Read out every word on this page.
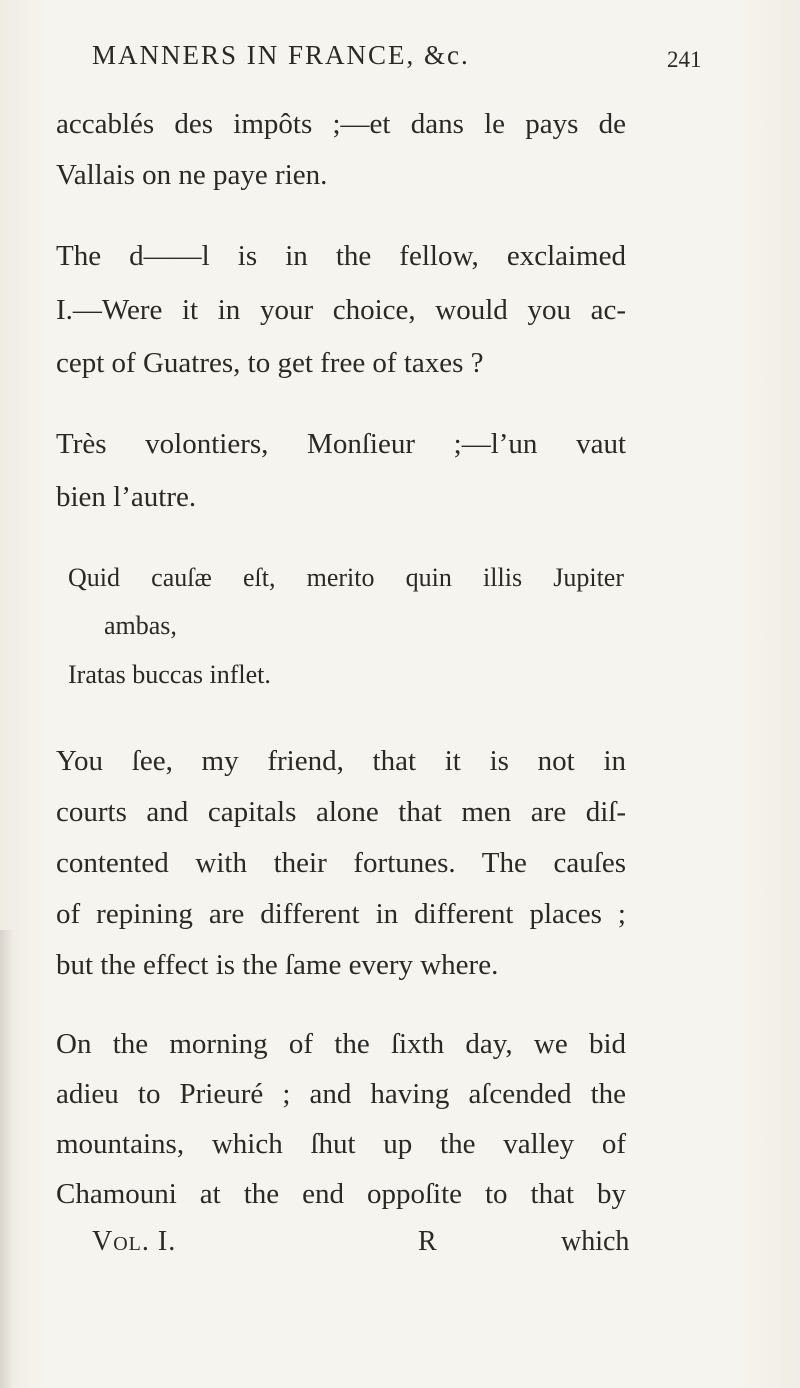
MANNERS IN FRANCE, &c.	241
accablés des impôts ;—et dans le pays de
Vallais on ne paye rien.
The d——l is in the fellow, exclaimed
I.—Were it in your choice, would you ac-
cept of Guatres, to get free of taxes ?
Très volontiers, Monſieur ;—l’un vaut
bien l’autre.
Quid cauſæ eſt, merito quin illis Jupiter
ambas,
Iratas buccas inflet.
You ſee, my friend, that it is not in
courts and capitals alone that men are diſ-
contented with their fortunes. The cauſes
of repining are different in different places ;
but the effect is the ſame every where.
On the morning of the ſixth day, we bid
adieu to Prieuré ; and having aſcended the
mountains, which ſhut up the valley of
Chamouni at the end oppoſite to that by
Vol. I.	R	which
